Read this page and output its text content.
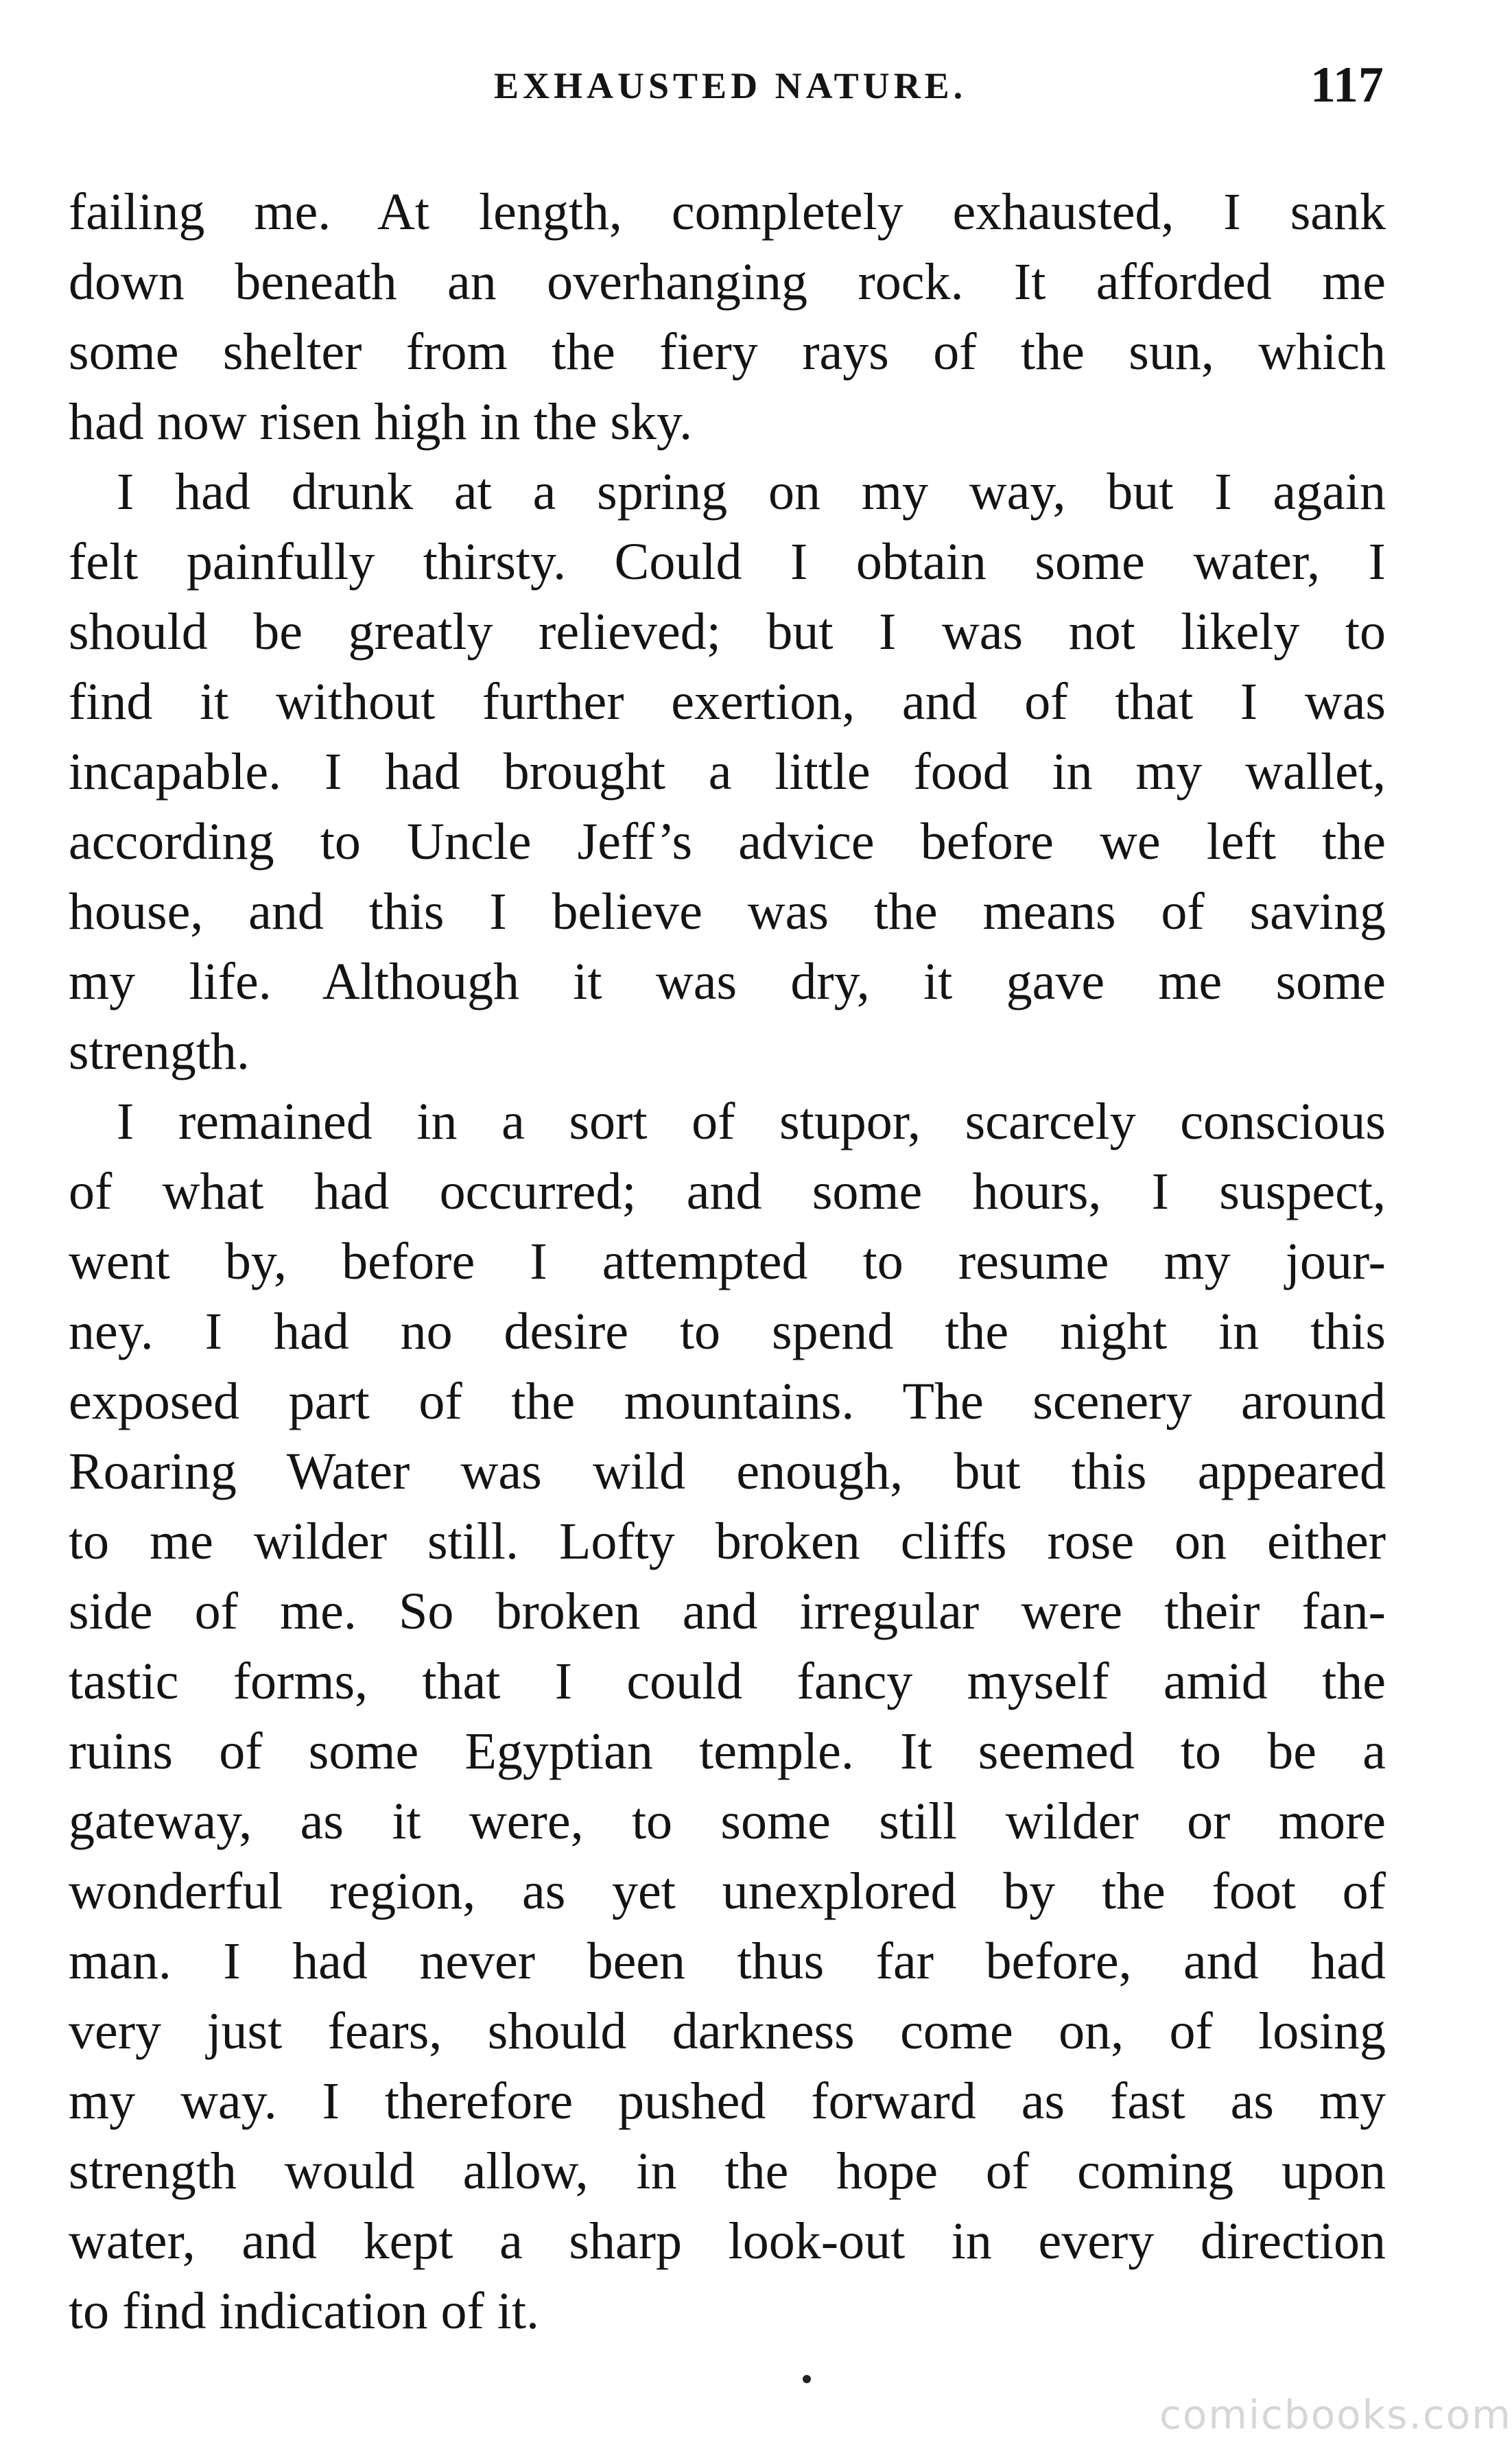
EXHAUSTED NATURE.	117
failing me. At length, completely exhausted, I sank
down beneath an overhanging rock. It afforded me
some shelter from the fiery rays of the sun, which
had now risen high in the sky.
I had drunk at a spring on my way, but I again
felt painfully thirsty. Could I obtain some water, I
should be greatly relieved; but I was not likely to
find it without further exertion, and of that I was
incapable. I had brought a little food in my wallet,
according to Uncle Jeff’s advice before we left the
house, and this I believe was the means of saving
my life. Although it was dry, it gave me some
strength.
I remained in a sort of stupor, scarcely conscious
of what had occurred; and some hours, I suspect,
went by, before I attempted to resume my jour-
ney. I had no desire to spend the night in this
exposed part of the mountains. The scenery around
Roaring Water was wild enough, but this appeared
to me wilder still. Lofty broken cliffs rose on either
side of me. So broken and irregular were their fan-
tastic forms, that I could fancy myself amid the
ruins of some Egyptian temple. It seemed to be a
gateway, as it were, to some still wilder or more
wonderful region, as yet unexplored by the foot of
man. I had never been thus far before, and had
very just fears, should darkness come on, of losing
my way. I therefore pushed forward as fast as my
strength would allow, in the hope of coming upon
water, and kept a sharp look-out in every direction
to find indication of it.
comicbooks.com
